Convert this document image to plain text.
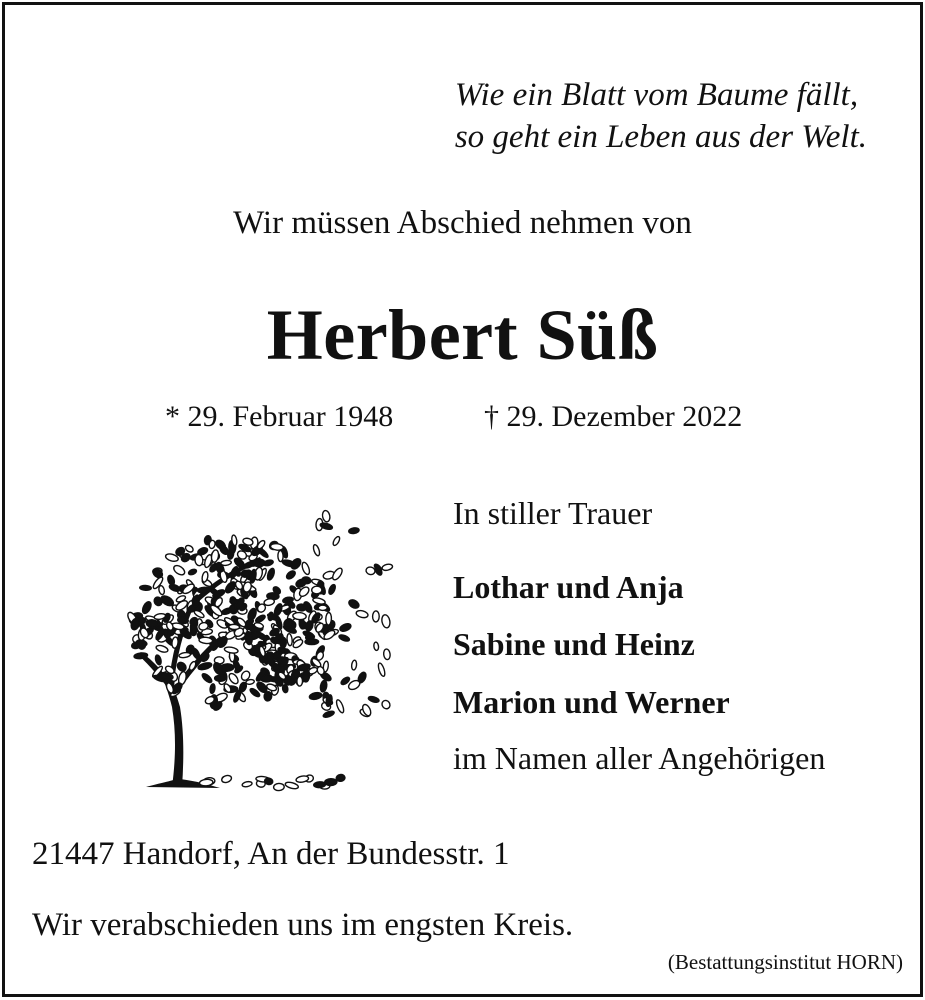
Wie ein Blatt vom Baume fällt,
so geht ein Leben aus der Welt.
Wir müssen Abschied nehmen von
Herbert Süß
* 29. Februar 1948	† 29. Dezember 2022
In stiller Trauer
Lothar und Anja
Sabine und Heinz
Marion und Werner
im Namen aller Angehörigen
21447 Handorf, An der Bundesstr. 1
Wir verabschieden uns im engsten Kreis.
(Bestattungsinstitut HORN)
